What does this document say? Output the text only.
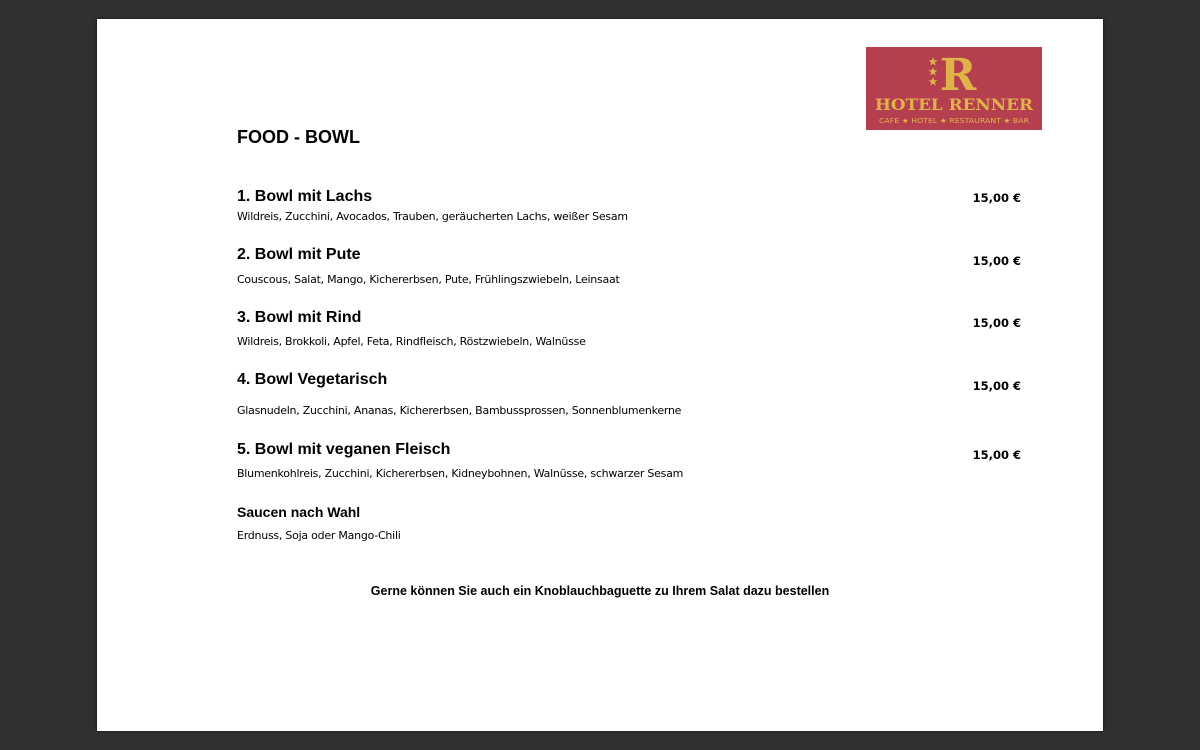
R
HOTEL RENNER
CAFE ★ HOTEL ★ RESTAURANT ★ BAR
FOOD - BOWL
1. Bowl mit Lachs	15,00 €
Wildreis, Zucchini, Avocados, Trauben, geräucherten Lachs, weißer Sesam
2. Bowl mit Pute	15,00 €
Couscous, Salat, Mango, Kichererbsen, Pute, Frühlingszwiebeln, Leinsaat
3. Bowl mit Rind	15,00 €
Wildreis, Brokkoli, Apfel, Feta, Rindfleisch, Röstzwiebeln, Walnüsse
4. Bowl Vegetarisch	15,00 €
Glasnudeln, Zucchini, Ananas, Kichererbsen, Bambussprossen, Sonnenblumenkerne
5. Bowl mit veganen Fleisch	15,00 €
Blumenkohlreis, Zucchini, Kichererbsen, Kidneybohnen, Walnüsse, schwarzer Sesam
Saucen nach Wahl
Erdnuss, Soja oder Mango-Chili
Gerne können Sie auch ein Knoblauchbaguette zu Ihrem Salat dazu bestellen
